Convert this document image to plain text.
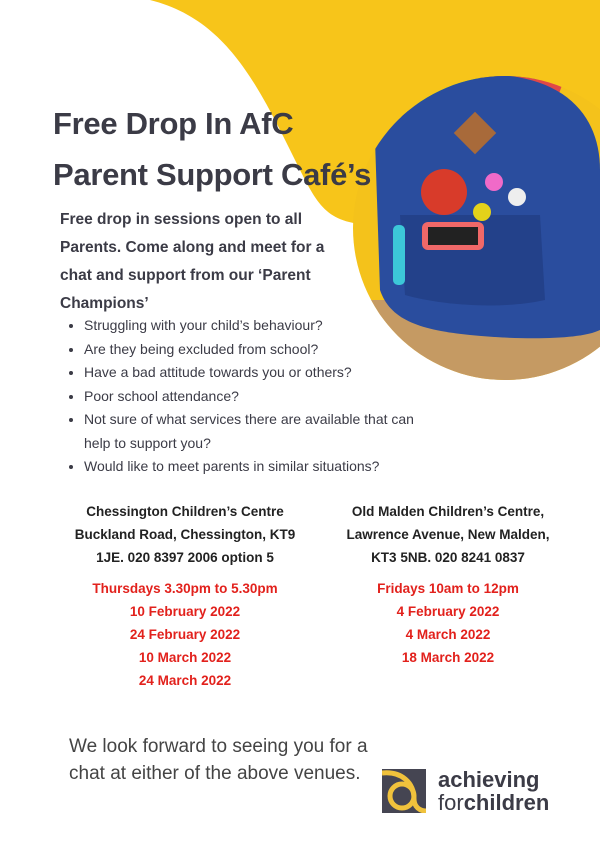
Free Drop In AfC
Parent Support Café’s
Free drop in sessions open to all Parents. Come along and meet for a chat and support from our ‘Parent Champions’
• Struggling with your child’s behaviour?
• Are they being excluded from school?
• Have a bad attitude towards you or others?
• Poor school attendance?
• Not sure of what services there are available that can help to support you?
• Would like to meet parents in similar situations?
Chessington Children’s Centre
Buckland Road, Chessington, KT9
1JE. 020 8397 2006 option 5
Old Malden Children’s Centre,
Lawrence Avenue, New Malden,
KT3 5NB. 020 8241 0837
Thursdays 3.30pm to 5.30pm
10 February 2022
24 February 2022
10 March 2022
24 March 2022
Fridays 10am to 12pm
4 February 2022
4 March 2022
18 March 2022
We look forward to seeing you for a chat at either of the above venues.	achieving
forchildren
